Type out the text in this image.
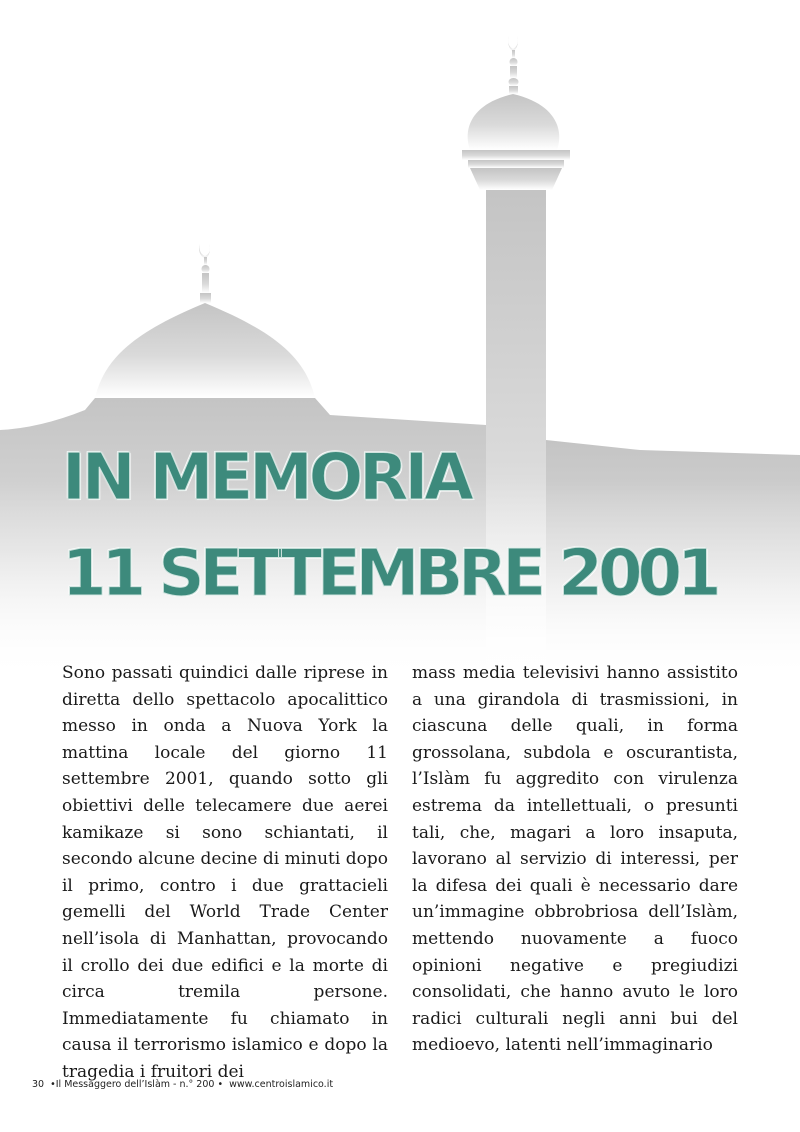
IN MEMORIA
11 SETTEMBRE 2001

Sono passati quindici dalle riprese in diretta dello spettacolo apocalittico messo in onda a Nuova York la mattina locale del giorno 11 settembre 2001, quando sotto gli obiettivi delle telecamere due aerei kamikaze si sono schiantati, il secondo alcune decine di minuti dopo il primo, contro i due grattacieli gemelli del World Trade Center nell’isola di Manhattan, provocando il crollo dei due edifici e la morte di circa tremila persone. Immediatamente fu chiamato in causa il terrorismo islamico e dopo la tragedia i fruitori dei

mass media televisivi hanno assistito a una girandola di trasmissioni, in ciascuna delle quali, in forma grossolana, subdola e oscurantista, l’Islàm fu aggredito con virulenza estrema da intellettuali, o presunti tali, che, magari a loro insaputa, lavorano al servizio di interessi, per la difesa dei quali è necessario dare un’immagine obbrobriosa dell’Islàm, mettendo nuovamente a fuoco opinioni negative e pregiudizi consolidati, che hanno avuto le loro radici culturali negli anni bui del medioevo, latenti nell’immaginario

30 •Il Messaggero dell’Islàm - n.° 200 • www.centroislamico.it
